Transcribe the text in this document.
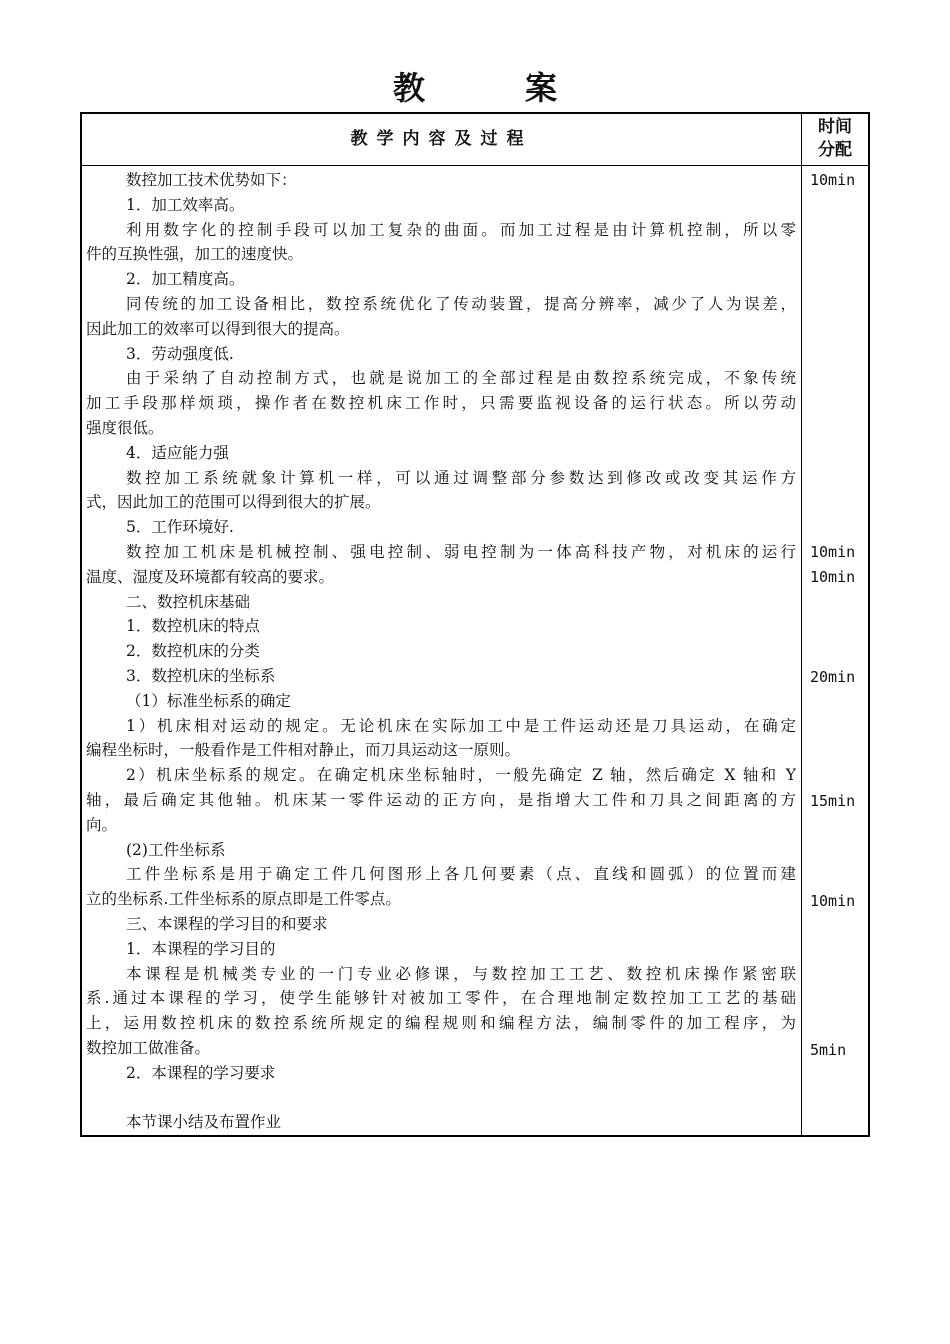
教　案
教学内容及过程
时间
分配
数控加工技术优势如下：
1．加工效率高。
利用数字化的控制手段可以加工复杂的曲面。而加工过程是由计算机控制，所以零
件的互换性强，加工的速度快。
2．加工精度高。
同传统的加工设备相比，数控系统优化了传动装置，提高分辨率，减少了人为误差，
因此加工的效率可以得到很大的提高。
3．劳动强度低.
由于采纳了自动控制方式，也就是说加工的全部过程是由数控系统完成，不象传统
加工手段那样烦琐，操作者在数控机床工作时，只需要监视设备的运行状态。所以劳动
强度很低。
4．适应能力强
数控加工系统就象计算机一样，可以通过调整部分参数达到修改或改变其运作方
式，因此加工的范围可以得到很大的扩展。
5．工作环境好.
数控加工机床是机械控制、强电控制、弱电控制为一体高科技产物，对机床的运行
温度、湿度及环境都有较高的要求。
二、数控机床基础
1．数控机床的特点
2．数控机床的分类
3．数控机床的坐标系
（1）标准坐标系的确定
1）机床相对运动的规定。无论机床在实际加工中是工件运动还是刀具运动，在确定
编程坐标时，一般看作是工件相对静止，而刀具运动这一原则。
2）机床坐标系的规定。在确定机床坐标轴时，一般先确定 Z 轴，然后确定 X 轴和 Y
轴，最后确定其他轴。机床某一零件运动的正方向，是指增大工件和刀具之间距离的方
向。
(2)工件坐标系
工件坐标系是用于确定工件几何图形上各几何要素（点、直线和圆弧）的位置而建
立的坐标系.工件坐标系的原点即是工件零点。
三、本课程的学习目的和要求
1．本课程的学习目的
本课程是机械类专业的一门专业必修课，与数控加工工艺、数控机床操作紧密联
系.通过本课程的学习，使学生能够针对被加工零件，在合理地制定数控加工工艺的基础
上，运用数控机床的数控系统所规定的编程规则和编程方法，编制零件的加工程序，为
数控加工做准备。
2．本课程的学习要求
本节课小结及布置作业
10min
10min
10min
20min
15min
10min
5min
